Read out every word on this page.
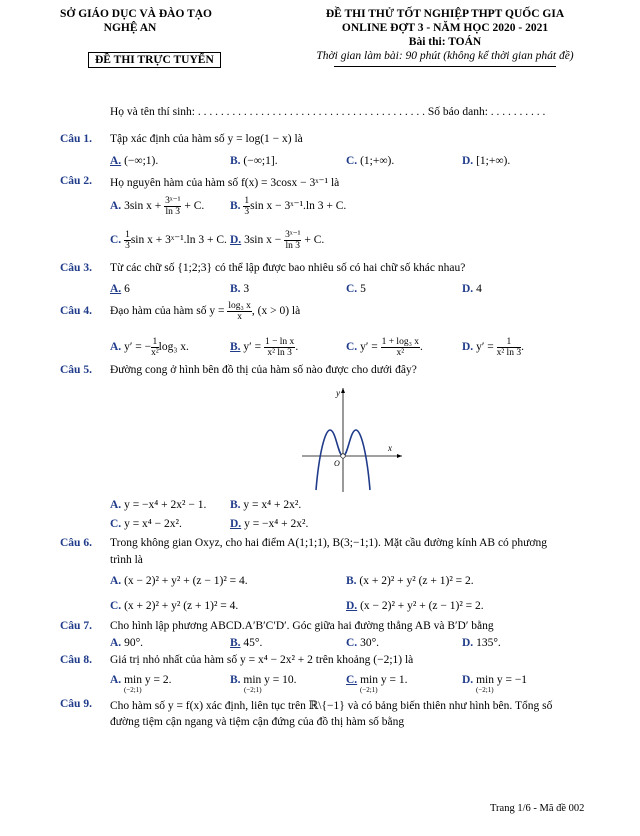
SỞ GIÁO DỤC VÀ ĐÀO TẠO
NGHỆ AN
ĐỀ THI TRỰC TUYẾN
ĐỀ THI THỬ TỐT NGHIỆP THPT QUỐC GIA
ONLINE ĐỢT 3 - NĂM HỌC 2020 - 2021
Bài thi: TOÁN
Thời gian làm bài: 90 phút (không kể thời gian phát đề)
Họ và tên thí sinh: . . . . . . . . . . . . . . . . . . . . . . . . . . . . . . . . . . . . . . . . Số báo danh: . . . . . . . . . .
Câu 1. Tập xác định của hàm số y = log(1 − x) là
A. (−∞;1).	B. (−∞;1].	C. (1;+∞).	D. [1;+∞).
Câu 2. Họ nguyên hàm của hàm số f(x) = 3cosx − 3ˣ⁻¹ là
A. 3sin $x + \frac{\text{3ˣ⁻¹}}{\ln 3} + C$. B. $\frac{1}{3}$ sin x − 3ˣ⁻¹.ln 3 + C.
C. $\frac{1}{3}$ sin x + 3ˣ⁻¹.ln 3 + C. D. 3sin $x - \frac{\text{3ˣ⁻¹}}{\ln 3} + C$.
Câu 3. Từ các chữ số {1;2;3} có thể lập được bao nhiêu số có hai chữ số khác nhau?
A. 6	B. 3	C. 5	D. 4
Câu 4. Đạo hàm của hàm số $y = \frac{\text{log₃ x}}{x}$ , (x > 0) là
A. y′ = − $\frac{1}{\text{x²}} \log_3$ x.	B. $y' = \frac{\text{1 − ln x}}{\text{x² ln 3}}$ .	C. $y' = \frac{\text{1 + log₃ x}}{\text{x²}}$ .	D. $y' = \frac{1}{\text{x² ln 3}}$ .
Câu 5. Đường cong ở hình bên đồ thị của hàm số nào được cho dưới đây?
x
y
O
A. y = −x⁴ + 2x² − 1. B. y = x⁴ + 2x².
C. y = x⁴ − 2x².	D. y = −x⁴ + 2x².
Câu 6. Trong không gian Oxyz, cho hai điểm A(1;1;1), B(3;−1;1). Mặt cầu đường kính AB có phương
trình là
A. (x − 2)² + y² + (z − 1)² = 4.	B. (x + 2)² + y² (z + 1)² = 2.
C. (x + 2)² + y² (z + 1)² = 4.	D. (x − 2)² + y² + (z − 1)² = 2.
Câu 7. Cho hình lập phương ABCD.A′B′C′D′. Góc giữa hai đường thẳng AB và B′D′ bằng
A. 90°.	B. 45°.	C. 30°.	D. 135°.
Câu 8. Giá trị nhỏ nhất của hàm số y = x⁴ − 2x² + 2 trên khoảng (−2;1) là
A. min y = 2.	B. min y = 10.	C. min y = 1.	D. min y = −1
(−2;1)	(−2;1)	(−2;1)	(−2;1)
Câu 9. Cho hàm số y = f(x) xác định, liên tục trên ℝ\{−1} và có bảng biến thiên như hình bên. Tổng số
đường tiệm cận ngang và tiệm cận đứng của đồ thị hàm số bằng
Trang 1/6 - Mã đề 002
